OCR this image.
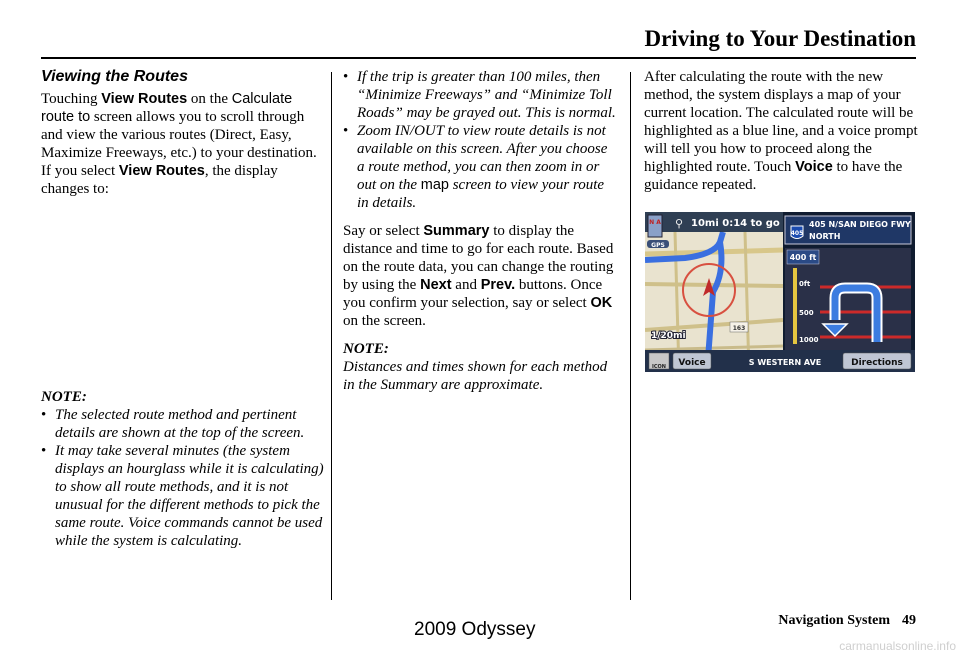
Driving to Your Destination
Viewing the Routes

Touching View Routes on the Calculate route to screen allows you to scroll through and view the various routes (Direct, Easy, Maximize Freeways, etc.) to your destination. If you select View Routes, the display changes to:

NOTE:
• The selected route method and pertinent details are shown at the top of the screen.
• It may take several minutes (the system displays an hourglass while it is calculating) to show all route methods, and it is not unusual for the different methods to pick the same route. Voice commands cannot be used while the system is calculating.
• If the trip is greater than 100 miles, then “Minimize Freeways” and “Minimize Toll Roads” may be grayed out. This is normal.
• Zoom IN/OUT to view route details is not available on this screen. After you choose a route method, you can then zoom in or out on the map screen to view your route in details.

Say or select Summary to display the distance and time to go for each route. Based on the route data, you can change the routing by using the Next and Prev. buttons. Once you confirm your selection, say or select OK on the screen.

NOTE:
Distances and times shown for each method in the Summary are approximate.

After calculating the route with the new method, the system displays a map of your current location. The calculated route will be highlighted as a blue line, and a voice prompt will tell you how to proceed along the highlighted route. Touch Voice to have the guidance repeated.

163
N A ⚲ 10mi 0:14 to go
GPS
1/20mi
405
405 N/SAN DIEGO FWY
NORTH
400 ft
0ft
500
1000
ICON Voice	S WESTERN AVE	Directions
Navigation System 49
2009 Odyssey
carmanualsonline.info
